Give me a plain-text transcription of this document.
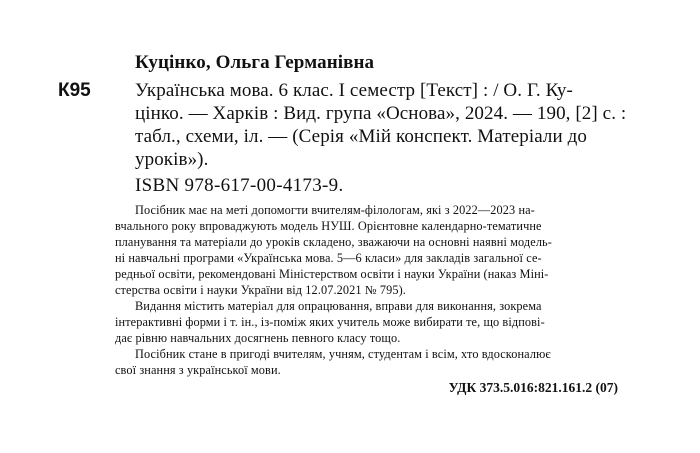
Куцінко, Ольга Германівна
К95 Українська мова. 6 клас. І семестр [Текст] : / О. Г. Ку-
цінко. — Харків : Вид. група «Основа», 2024. — 190, [2] с. :
табл., схеми, іл. — (Серія «Мій конспект. Матеріали до
уроків»).
ISBN 978-617-00-4173-9.
Посібник має на меті допомогти вчителям-філологам, які з 2022—2023 на-
вчального року впроваджують модель НУШ. Орієнтовне календарно-тематичне
планування та матеріали до уроків складено, зважаючи на основні наявні модель-
ні навчальні програми «Українська мова. 5—6 класи» для закладів загальної се-
редньої освіти, рекомендовані Міністерством освіти і науки України (наказ Міні-
стерства освіти і науки України від 12.07.2021 № 795).
Видання містить матеріал для опрацювання, вправи для виконання, зокрема
інтерактивні форми і т. ін., із-поміж яких учитель може вибирати те, що відпові-
дає рівню навчальних досягнень певного класу тощо.
Посібник стане в пригоді вчителям, учням, студентам і всім, хто вдосконалює
свої знання з української мови.
УДК 373.5.016:821.161.2 (07)
